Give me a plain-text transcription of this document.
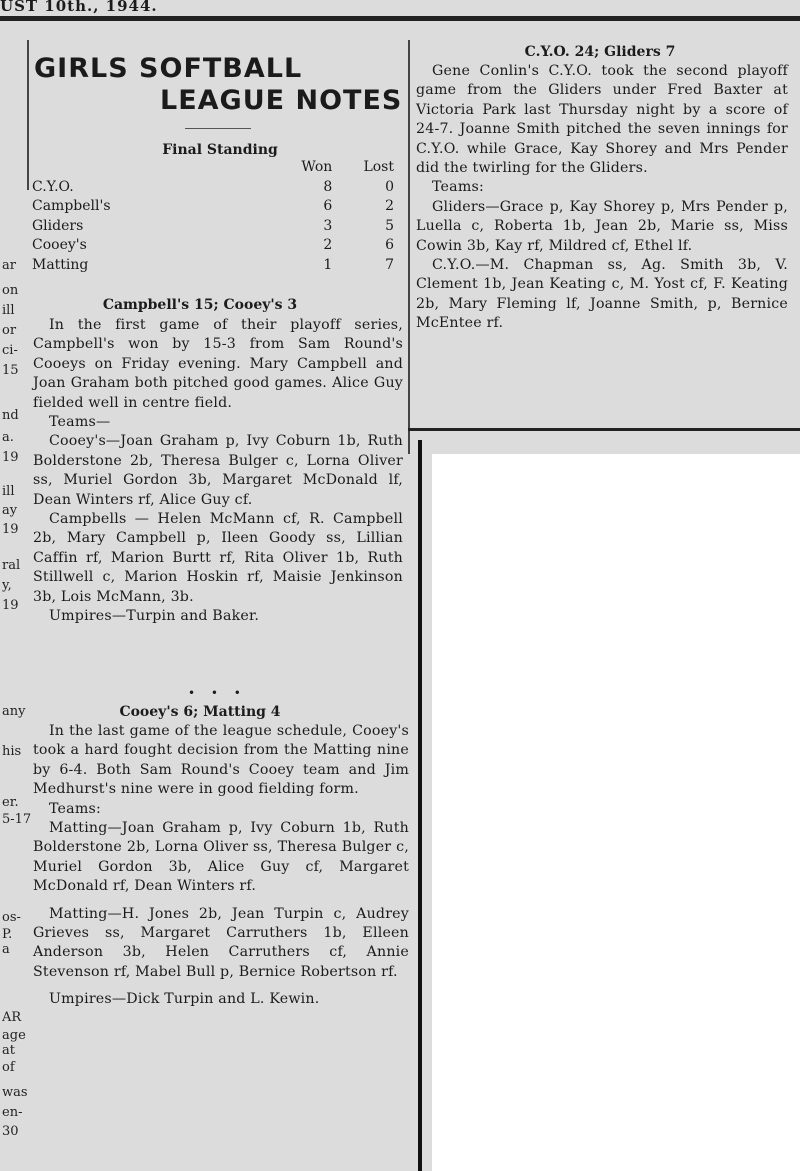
UST 10th., 1944.
ar
on
ill
or
ci-
15
nd
a.
19
ill
ay
19
ral
y,
19
any
his
er.
5-17
os-
P.
a
AR
age
at
of
was
en-
30
GIRLS SOFTBALL
LEAGUE NOTES
Final Standing
	Won	Lost
C.Y.O.	8	0
Campbell's	6	2
Gliders	3	5
Cooey's	2	6
Matting	1	7
Campbell's 15; Cooey's 3

In the first game of their playoff series, Campbell's won by 15-3 from Sam Round's Cooeys on Friday evening. Mary Campbell and Joan Graham both pitched good games. Alice Guy fielded well in centre field.

Teams—

Cooey's—Joan Graham p, Ivy Coburn 1b, Ruth Bolderstone 2b, Theresa Bulger c, Lorna Oliver ss, Muriel Gordon 3b, Margaret McDonald lf, Dean Winters rf, Alice Guy cf.

Campbells — Helen McMann cf, R. Campbell 2b, Mary Campbell p, Ileen Goody ss, Lillian Caffin rf, Marion Burtt rf, Rita Oliver 1b, Ruth Stillwell c, Marion Hoskin rf, Maisie Jenkinson 3b, Lois McMann, 3b.

Umpires—Turpin and Baker.

• • •
Cooey's 6; Matting 4

In the last game of the league schedule, Cooey's took a hard fought decision from the Matting nine by 6-4. Both Sam Round's Cooey team and Jim Medhurst's nine were in good fielding form.

Teams:

Matting—Joan Graham p, Ivy Coburn 1b, Ruth Bolderstone 2b, Lorna Oliver ss, Theresa Bulger c, Muriel Gordon 3b, Alice Guy cf, Margaret McDonald rf, Dean Winters rf.

Matting—H. Jones 2b, Jean Turpin c, Audrey Grieves ss, Margaret Carruthers 1b, Elleen Anderson 3b, Helen Carruthers cf, Annie Stevenson rf, Mabel Bull p, Bernice Robertson rf.

Umpires—Dick Turpin and L. Kewin.

C.Y.O. 24; Gliders 7

Gene Conlin's C.Y.O. took the second playoff game from the Gliders under Fred Baxter at Victoria Park last Thursday night by a score of 24-7. Joanne Smith pitched the seven innings for C.Y.O. while Grace, Kay Shorey and Mrs Pender did the twirling for the Gliders.

Teams:

Gliders—Grace p, Kay Shorey p, Mrs Pender p, Luella c, Roberta 1b, Jean 2b, Marie ss, Miss Cowin 3b, Kay rf, Mildred cf, Ethel lf.

C.Y.O.—M. Chapman ss, Ag. Smith 3b, V. Clement 1b, Jean Keating c, M. Yost cf, F. Keating 2b, Mary Fleming lf, Joanne Smith, p, Bernice McEntee rf.
